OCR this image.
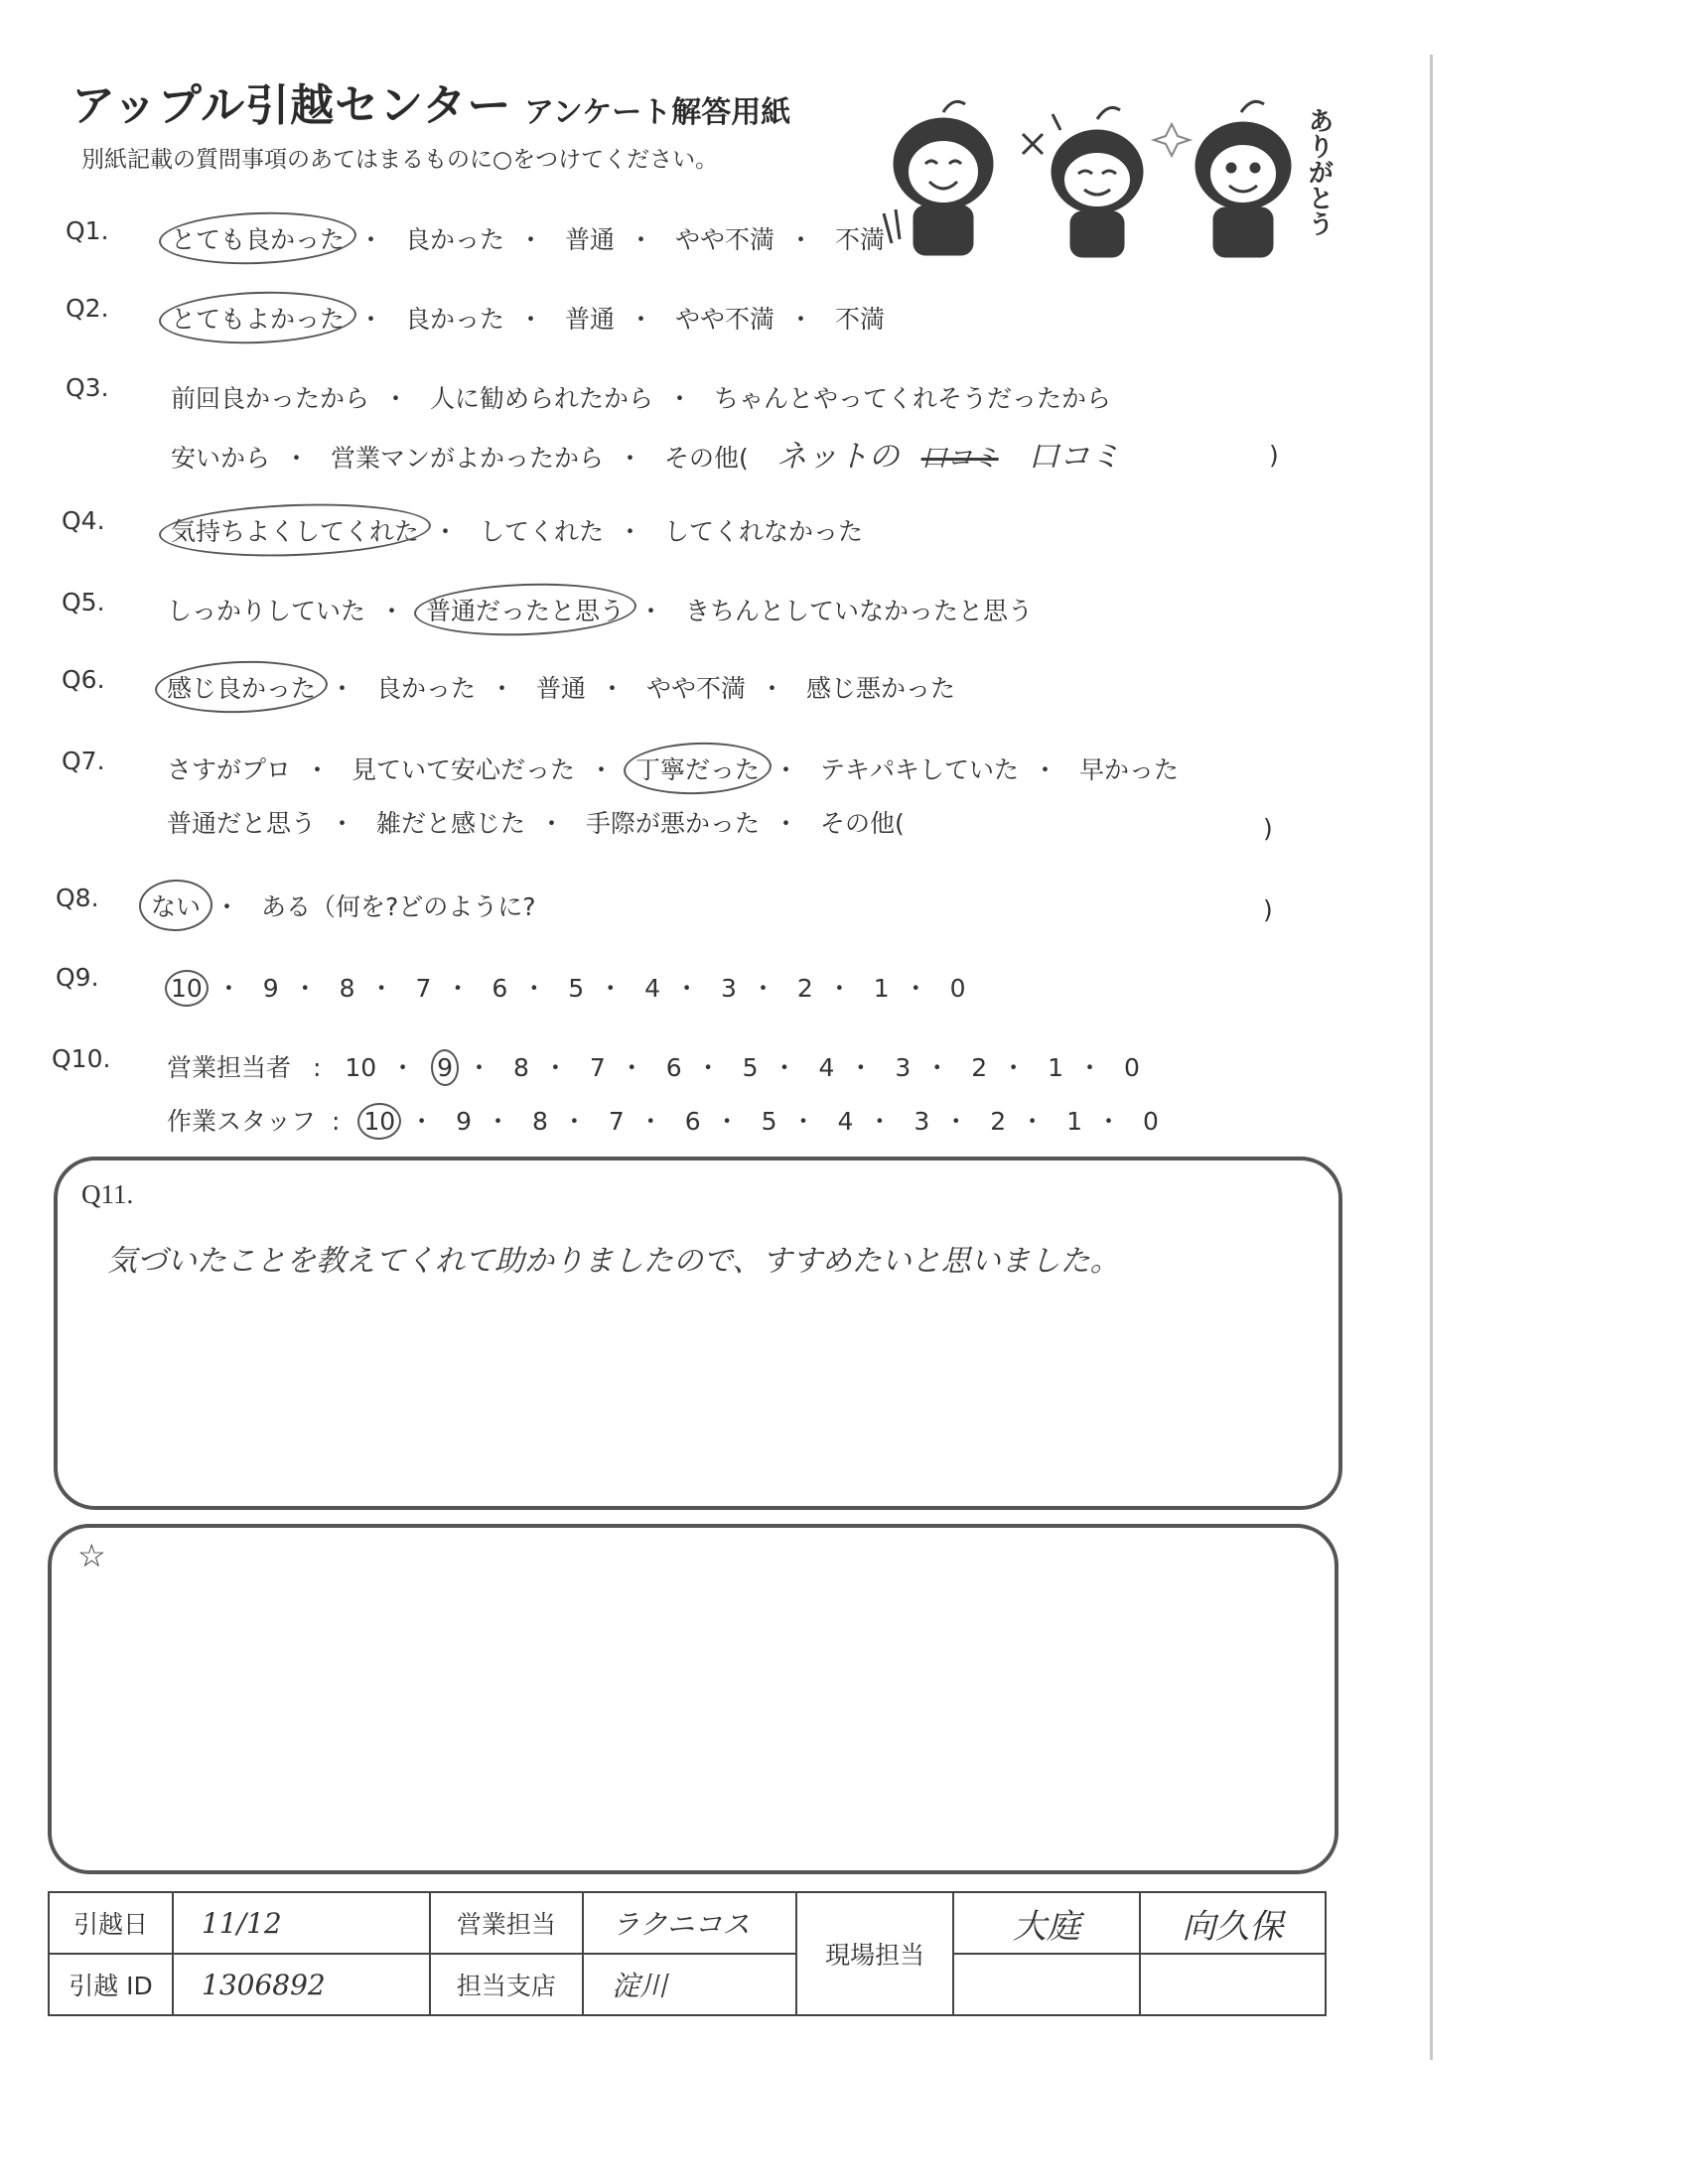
アップル引越センター アンケート解答用紙
別紙記載の質問事項のあてはまるものに○をつけてください。	ありがとう
Q1. とても良かった ・ 良かった ・ 普通 ・ やや不満 ・ 不満
Q2. とてもよかった ・ 良かった ・ 普通 ・ やや不満 ・ 不満
Q3. 前回良かったから ・ 人に勧められたから ・ ちゃんとやってくれそうだったから
安いから ・ 営業マンがよかったから ・ その他( ネットの 口コミ 口コミ	)
Q4.	気持ちよくしてくれた ・ してくれた ・ してくれなかった
Q5. しっかりしていた ・ 普通だったと思う ・ きちんとしていなかったと思う
Q6. 感じ良かった ・ 良かった ・ 普通 ・ やや不満 ・ 感じ悪かった
Q7. さすがプロ ・ 見ていて安心だった ・ 丁寧だった ・ テキパキしていた ・ 早かった
普通だと思う ・ 雑だと感じた ・ 手際が悪かった ・ その他(	)
Q8. ない ・ ある（何を?どのように?	)
Q9.	10 ・ 9 ・ 8 ・ 7 ・ 6 ・ 5 ・ 4 ・ 3 ・ 2 ・ 1 ・ 0
Q10. 営業担当者 : 10 ・ 9 ・ 8 ・ 7 ・ 6 ・ 5 ・ 4 ・ 3 ・ 2 ・ 1 ・ 0
作業スタッフ : 10 ・ 9 ・ 8 ・ 7 ・ 6 ・ 5 ・ 4 ・ 3 ・ 2 ・ 1 ・ 0
Q11.
気づいたことを教えてくれて助かりましたので、すすめたいと思いました。
☆
引越日	11/12	営業担当	ラクニコス	現場担当	大庭	向久保
引越 ID	1306892	担当支店	淀川			
